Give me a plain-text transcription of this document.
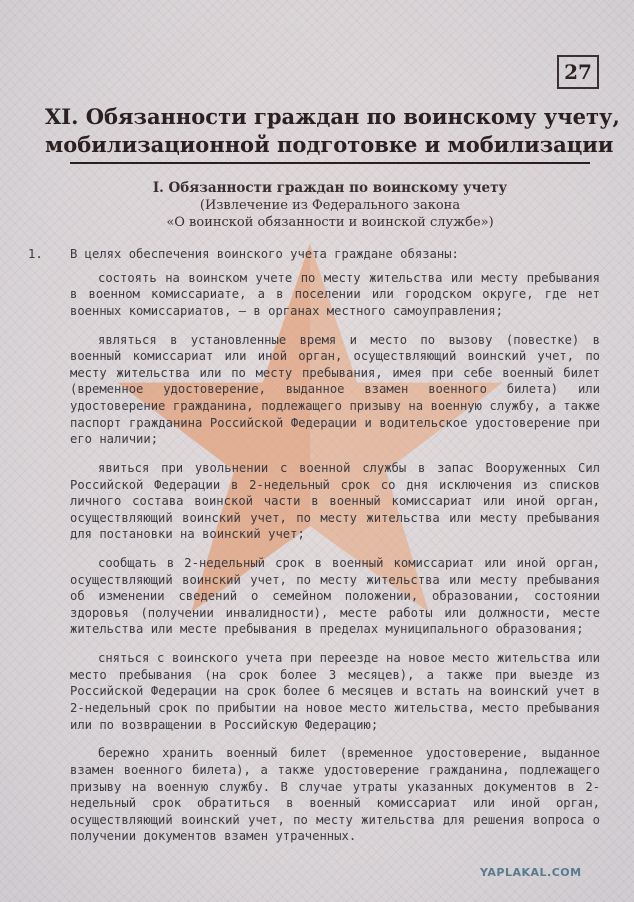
27
XI. Обязанности граждан по воинскому учету,
мобилизационной подготовке и мобилизации
I. Обязанности граждан по воинскому учету
(Извлечение из Федерального закона
«О воинской обязанности и воинской службе»)
1.	В целях обеспечения воинского учета граждане обязаны:

состоять на воинском учете по месту жительства или месту пребывания в военном комиссариате, а в поселении или городском округе, где нет военных комиссариатов, — в органах местного самоуправления;

являться в установленные время и место по вызову (повестке) в военный комиссариат или иной орган, осуществляющий воинский учет, по месту жительства или по месту пребывания, имея при себе военный билет (временное удостоверение, выданное взамен военного билета) или удостоверение гражданина, подлежащего призыву на военную службу, а также паспорт гражданина Российской Федерации и водительское удостоверение при его наличии;

явиться при увольнении с военной службы в запас Вооруженных Сил Российской Федерации в 2-недельный срок со дня исключения из списков личного состава воинской части в военный комиссариат или иной орган, осуществляющий воинский учет, по месту жительства или месту пребывания для постановки на воинский учет;

сообщать в 2-недельный срок в военный комиссариат или иной орган, осуществляющий воинский учет, по месту жительства или месту пребывания об изменении сведений о семейном положении, образовании, состоянии здоровья (получении инвалидности), месте работы или должности, месте жительства или месте пребывания в пределах муниципального образования;

сняться с воинского учета при переезде на новое место жительства или место пребывания (на срок более 3 месяцев), а также при выезде из Российской Федерации на срок более 6 месяцев и встать на воинский учет в 2-недельный срок по прибытии на новое место жительства, место пребывания или по возвращении в Российскую Федерацию;

бережно хранить военный билет (временное удостоверение, выданное взамен военного билета), а также удостоверение гражданина, подлежащего призыву на военную службу. В случае утраты указанных документов в 2-недельный срок обратиться в военный комиссариат или иной орган, осуществляющий воинский учет, по месту жительства для решения вопроса о получении документов взамен утраченных.

YAPLAKAL.COM
